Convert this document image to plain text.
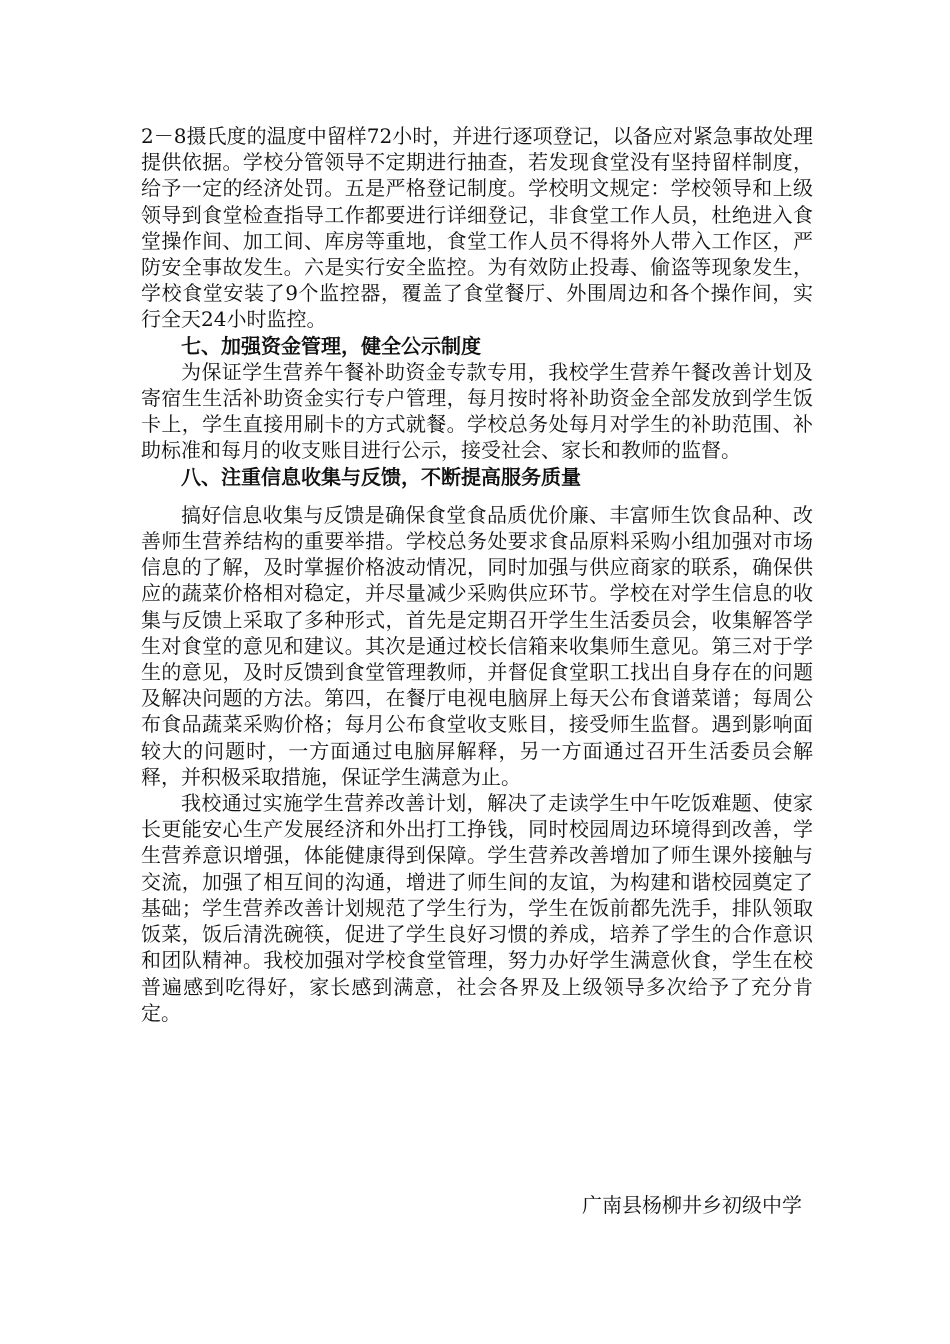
2－8摄氏度的温度中留样72小时，并进行逐项登记，以备应对紧急事故处理提供依据。学校分管领导不定期进行抽查，若发现食堂没有坚持留样制度，给予一定的经济处罚。五是严格登记制度。学校明文规定：学校领导和上级领导到食堂检查指导工作都要进行详细登记，非食堂工作人员，杜绝进入食堂操作间、加工间、库房等重地，食堂工作人员不得将外人带入工作区，严防安全事故发生。六是实行安全监控。为有效防止投毒、偷盗等现象发生，学校食堂安装了9个监控器，覆盖了食堂餐厅、外围周边和各个操作间，实行全天24小时监控。

七、加强资金管理，健全公示制度

为保证学生营养午餐补助资金专款专用，我校学生营养午餐改善计划及寄宿生生活补助资金实行专户管理，每月按时将补助资金全部发放到学生饭卡上，学生直接用刷卡的方式就餐。学校总务处每月对学生的补助范围、补助标准和每月的收支账目进行公示，接受社会、家长和教师的监督。

八、注重信息收集与反馈，不断提高服务质量

搞好信息收集与反馈是确保食堂食品质优价廉、丰富师生饮食品种、改善师生营养结构的重要举措。学校总务处要求食品原料采购小组加强对市场信息的了解，及时掌握价格波动情况，同时加强与供应商家的联系，确保供应的蔬菜价格相对稳定，并尽量减少采购供应环节。学校在对学生信息的收集与反馈上采取了多种形式，首先是定期召开学生生活委员会，收集解答学生对食堂的意见和建议。其次是通过校长信箱来收集师生意见。第三对于学生的意见，及时反馈到食堂管理教师，并督促食堂职工找出自身存在的问题及解决问题的方法。第四，在餐厅电视电脑屏上每天公布食谱菜谱；每周公布食品蔬菜采购价格；每月公布食堂收支账目，接受师生监督。遇到影响面较大的问题时，一方面通过电脑屏解释，另一方面通过召开生活委员会解释，并积极采取措施，保证学生满意为止。

我校通过实施学生营养改善计划，解决了走读学生中午吃饭难题、使家长更能安心生产发展经济和外出打工挣钱，同时校园周边环境得到改善，学生营养意识增强，体能健康得到保障。学生营养改善增加了师生课外接触与交流，加强了相互间的沟通，增进了师生间的友谊，为构建和谐校园奠定了基础；学生营养改善计划规范了学生行为，学生在饭前都先洗手，排队领取饭菜，饭后清洗碗筷，促进了学生良好习惯的养成，培养了学生的合作意识和团队精神。我校加强对学校食堂管理，努力办好学生满意伙食，学生在校普遍感到吃得好，家长感到满意，社会各界及上级领导多次给予了充分肯定。

广南县杨柳井乡初级中学
